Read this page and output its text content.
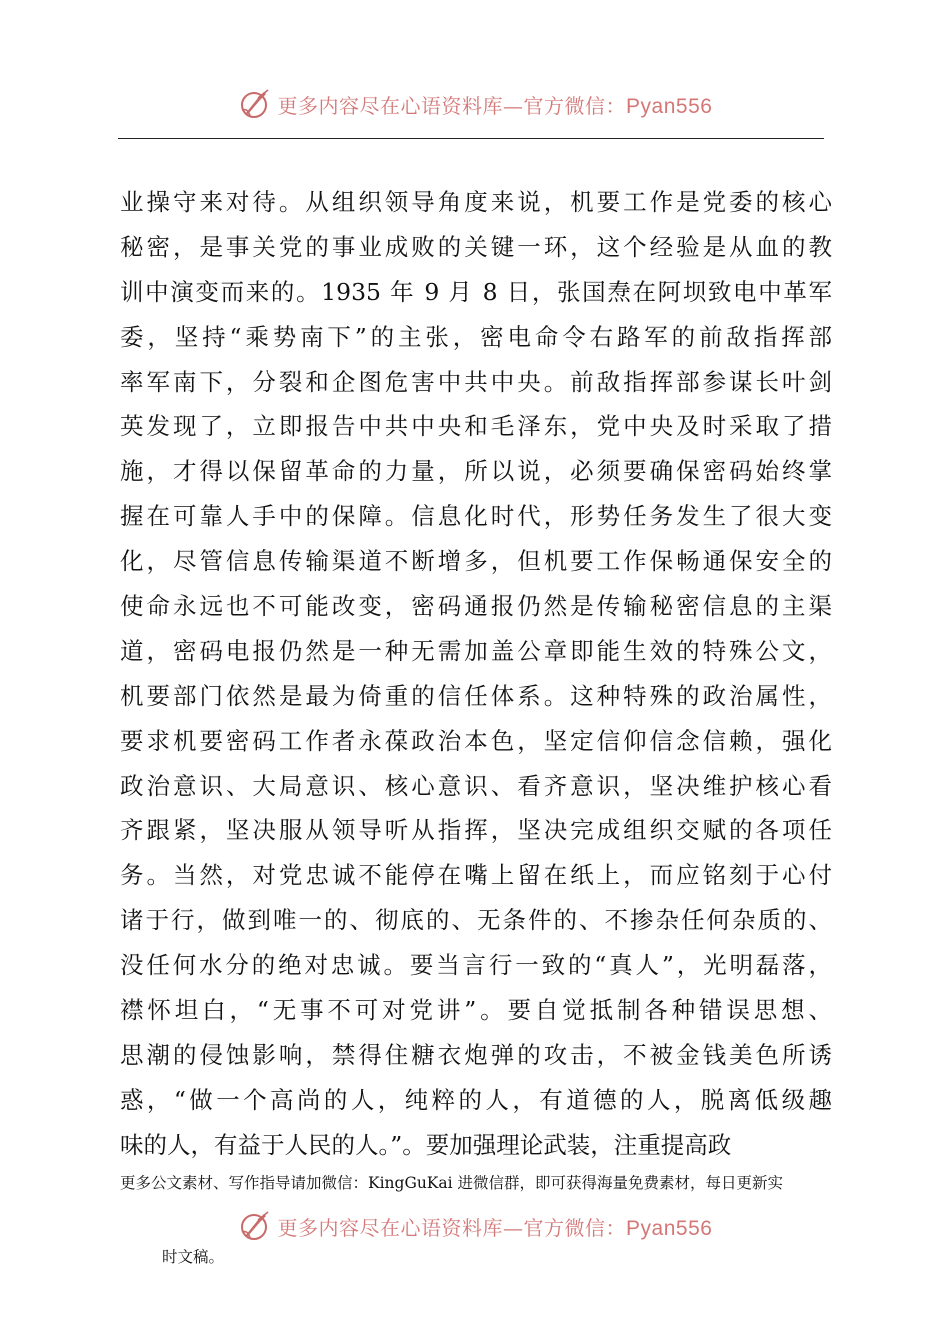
更多内容尽在心语资料库—官方微信：Pyan556
业操守来对待。从组织领导角度来说，机要工作是党委的核心
秘密，是事关党的事业成败的关键一环，这个经验是从血的教
训中演变而来的。1935 年 9 月 8 日，张国焘在阿坝致电中革军
委，坚持“乘势南下”的主张，密电命令右路军的前敌指挥部
率军南下，分裂和企图危害中共中央。前敌指挥部参谋长叶剑
英发现了，立即报告中共中央和毛泽东，党中央及时采取了措
施，才得以保留革命的力量，所以说，必须要确保密码始终掌
握在可靠人手中的保障。信息化时代，形势任务发生了很大变
化，尽管信息传输渠道不断增多，但机要工作保畅通保安全的
使命永远也不可能改变，密码通报仍然是传输秘密信息的主渠
道，密码电报仍然是一种无需加盖公章即能生效的特殊公文，
机要部门依然是最为倚重的信任体系。这种特殊的政治属性，
要求机要密码工作者永葆政治本色，坚定信仰信念信赖，强化
政治意识、大局意识、核心意识、看齐意识，坚决维护核心看
齐跟紧，坚决服从领导听从指挥，坚决完成组织交赋的各项任
务。当然，对党忠诚不能停在嘴上留在纸上，而应铭刻于心付
诸于行，做到唯一的、彻底的、无条件的、不掺杂任何杂质的、
没任何水分的绝对忠诚。要当言行一致的“真人”，光明磊落，
襟怀坦白，“无事不可对党讲”。要自觉抵制各种错误思想、
思潮的侵蚀影响，禁得住糖衣炮弹的攻击，不被金钱美色所诱
惑，“做一个高尚的人，纯粹的人，有道德的人，脱离低级趣
味的人，有益于人民的人。”。要加强理论武装，注重提高政
更多公文素材、写作指导请加微信：KingGuKai 进微信群，即可获得海量免费素材，每日更新实
更多内容尽在心语资料库—官方微信：Pyan556
时文稿。
